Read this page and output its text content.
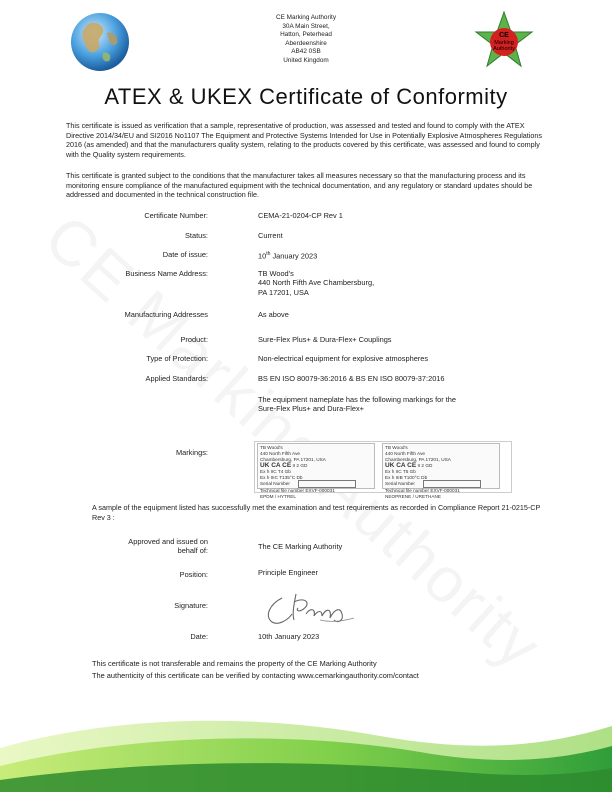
CE Marking Authority
30A Main Street,
Hatton, Peterhead
Aberdeenshire
AB42 0SB
United Kingdom
CE
Marking
Authority
ATEX & UKEX Certificate of Conformity
This certificate is issued as verification that a sample, representative of production, was assessed and tested and found to comply with the ATEX Directive 2014/34/EU and SI2016 No1107 The Equipment and Protective Systems Intended for Use in Potentially Explosive Atmospheres Regulations 2016 (as amended) and that the manufacturers quality system, relating to the products covered by this certificate, was assessed and found to comply with the Quality system requirements.
This certificate is granted subject to the conditions that the manufacturer takes all measures necessary so that the manufacturing process and its monitoring ensure compliance of the manufactured equipment with the technical documentation, and any regulatory or standard updates should be addressed and documented in the technical construction file.
Certificate Number:	CEMA-21-0204-CP Rev 1
Status:	Current
Date of issue:	10th January 2023
Business Name Address:	TB Wood's
440 North Fifth Ave Chambersburg,
PA 17201, USA
Manufacturing Addresses	As above
Product:	Sure-Flex Plus+ & Dura-Flex+ Couplings
Type of Protection:	Non-electrical equipment for explosive atmospheres
Applied Standards:	BS EN ISO 80079-36:2016 & BS EN ISO 80079-37:2016
The equipment nameplate has the following markings for the
Sure-Flex Plus+ and Dura-Flex+
Markings:
TB Wood's
440 North Fifth Ave
Chambersburg, PA 17201, USA
UK CA CE II 2 GD
Ex h IIC T4 Gb
Ex h IIIC T135°C Db
Serial Number
Technical file number EXVF-000031
EPDM / HYTREL
TB Wood's
440 North Fifth Ave
Chambersburg, PA 17201, USA
UK CA CE II 2 GD
Ex h IIC T5 Gb
Ex h IIIB T100°C Db
Serial Number
Technical file number EXVF-000031
NEOPRENE / URETHANE
A sample of the equipment listed has successfully met the examination and test requirements as recorded in Compliance Report 21-0215-CP Rev 3 :
Approved and issued on
behalf of:	The CE Marking Authority
Position:	Principle Engineer
Signature:
Date:	10th January 2023
This certificate is not transferable and remains the property of the CE Marking Authority
The authenticity of this certificate can be verified by contacting www.cemarkingauthority.com/contact
